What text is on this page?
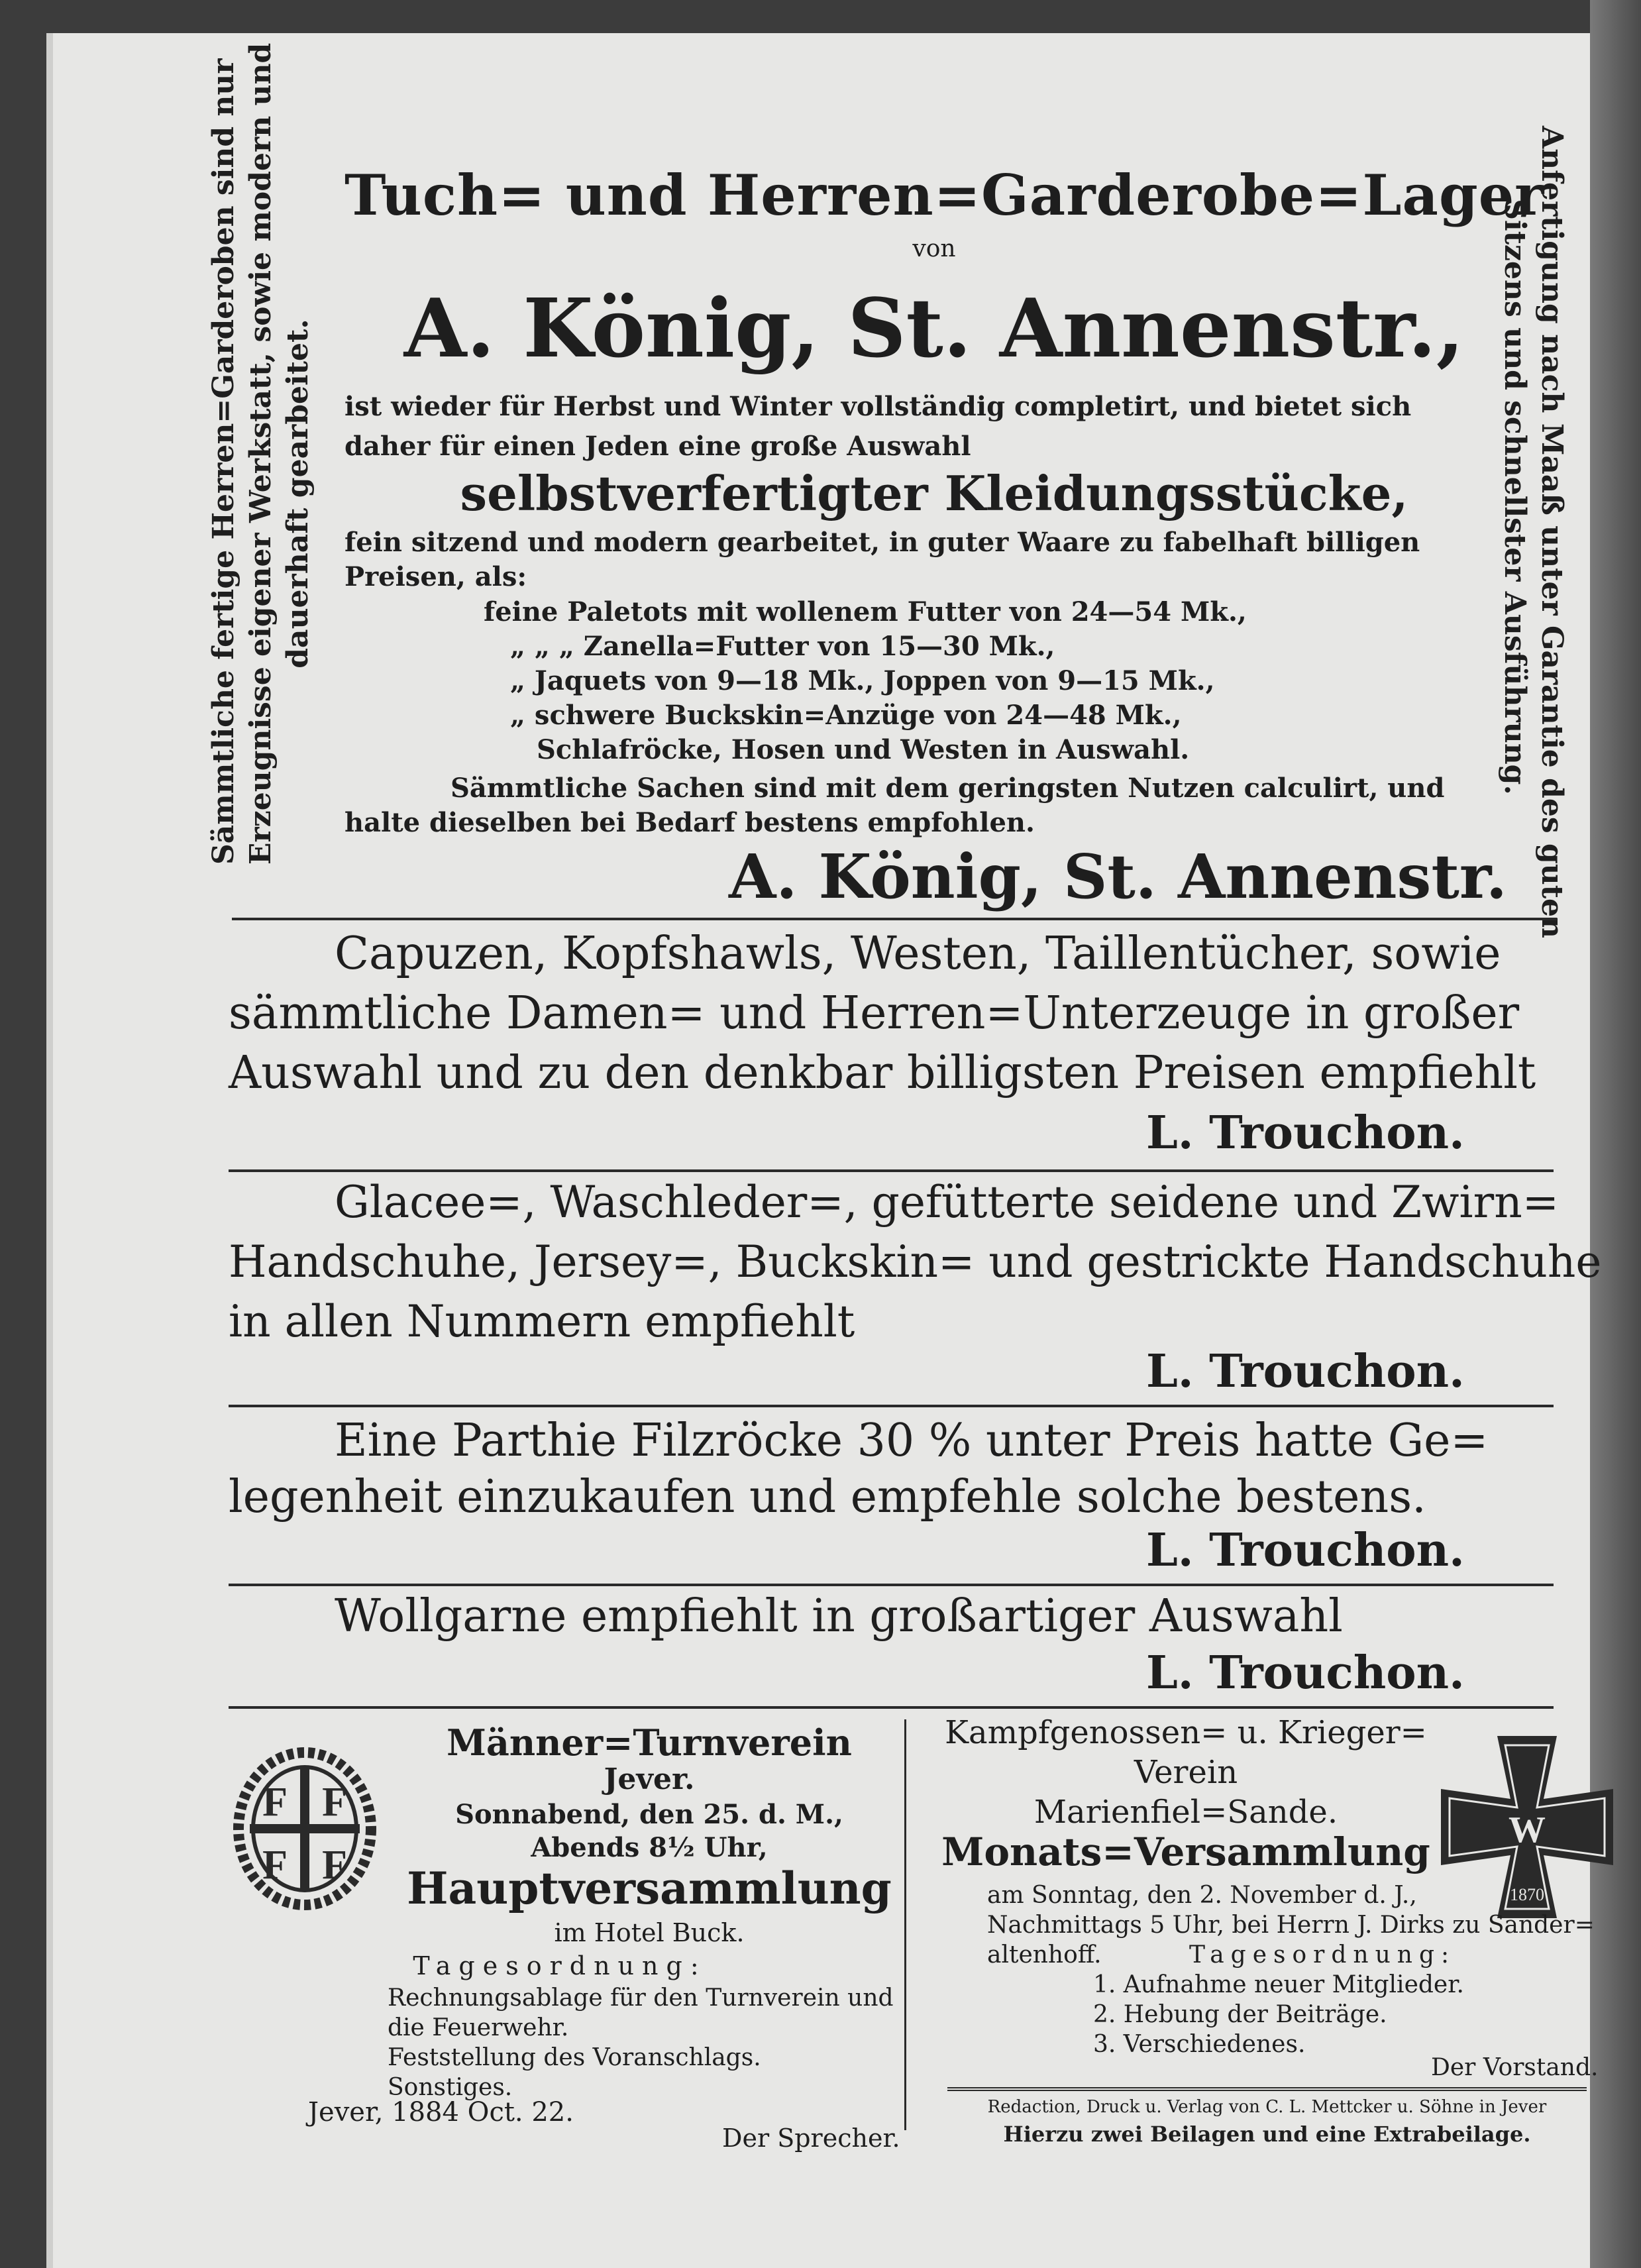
Sämmtliche fertige Herren=Garderoben sind nur Erzeugnisse eigener Werkstatt, sowie modern und dauerhaft gearbeitet.	Anfertigung nach Maaß unter Garantie des guten
Sitzens und schnellster Ausführung.
Tuch= und Herren=Garderobe=Lager
von
A. König, St. Annenstr.,
ist wieder für Herbst und Winter vollständig completirt, und bietet sich
daher für einen Jeden eine große Auswahl
selbstverfertigter Kleidungsstücke,
fein sitzend und modern gearbeitet, in guter Waare zu fabelhaft billigen
Preisen, als:
feine Paletots mit wollenem Futter von 24—54 Mk.,
„ „ „ Zanella=Futter von 15—30 Mk.,
„ Jaquets von 9—18 Mk., Joppen von 9—15 Mk.,
„ schwere Buckskin=Anzüge von 24—48 Mk.,
Schlafröcke, Hosen und Westen in Auswahl.
Sämmtliche Sachen sind mit dem geringsten Nutzen calculirt, und
halte dieselben bei Bedarf bestens empfohlen.
A. König, St. Annenstr.
Capuzen, Kopfshawls, Westen, Taillentücher, sowie
sämmtliche Damen= und Herren=Unterzeuge in großer
Auswahl und zu den denkbar billigsten Preisen empfiehlt
L. Trouchon.
Glacee=, Waschleder=, gefütterte seidene und Zwirn=
Handschuhe, Jersey=, Buckskin= und gestrickte Handschuhe
in allen Nummern empfiehlt
L. Trouchon.
Eine Parthie Filzröcke 30 % unter Preis hatte Ge=
legenheit einzukaufen und empfehle solche bestens.
L. Trouchon.
Wollgarne empfiehlt in großartiger Auswahl
L. Trouchon.
F F
F F
Männer=Turnverein
Jever.
Sonnabend, den 25. d. M.,
Abends 8½ Uhr,
Hauptversammlung
im Hotel Buck.
Tagesordnung:
Rechnungsablage für den Turnverein und
die Feuerwehr.
Feststellung des Voranschlags.
Sonstiges.
Jever, 1884 Oct. 22.
Der Sprecher.
Kampfgenossen= u. Krieger=
Verein
Marienfiel=Sande.	W
1870
Monats=Versammlung
am Sonntag, den 2. November d. J.,
Nachmittags 5 Uhr, bei Herrn J. Dirks zu Sander=
altenhoff.	Tagesordnung:
1. Aufnahme neuer Mitglieder.
2. Hebung der Beiträge.
3. Verschiedenes.
Der Vorstand.
Redaction, Druck u. Verlag von C. L. Mettcker u. Söhne in Jever
Hierzu zwei Beilagen und eine Extrabeilage.
